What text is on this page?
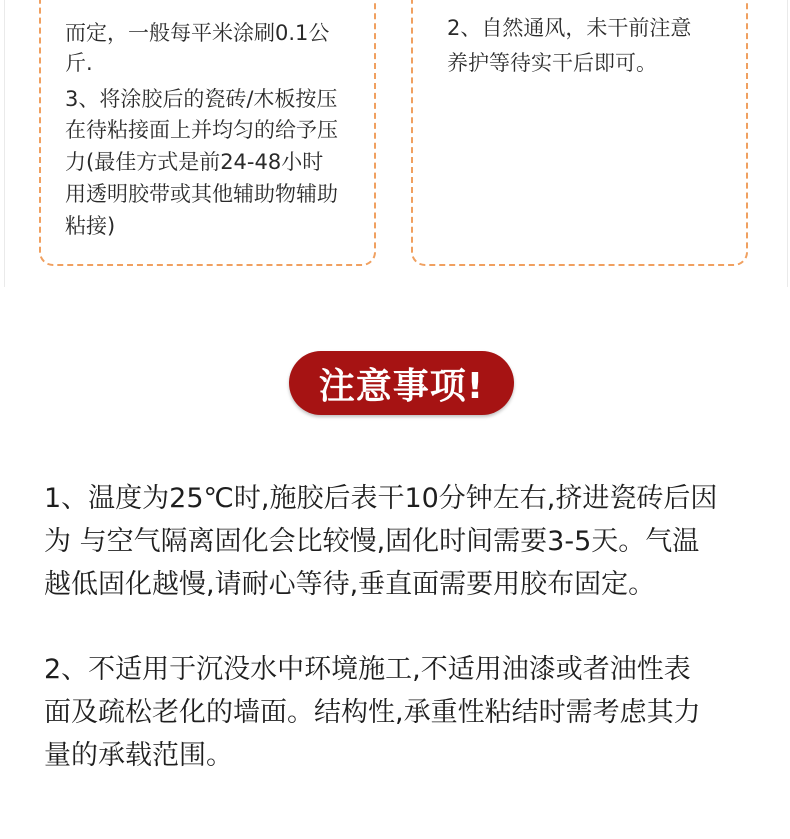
而定，一般每平米涂刷0.1公
斤.
3、将涂胶后的瓷砖/木板按压
在待粘接面上并均匀的给予压
力(最佳方式是前24-48小时
用透明胶带或其他辅助物辅助
粘接)
2、自然通风，未干前注意
养护等待实干后即可。
注意事项!
1、温度为25℃时,施胶后表干10分钟左右,挤进瓷砖后因
为 与空气隔离固化会比较慢,固化时间需要3-5天。气温
越低固化越慢,请耐心等待,垂直面需要用胶布固定。
2、不适用于沉没水中环境施工,不适用油漆或者油性表
面及疏松老化的墙面。结构性,承重性粘结时需考虑其力
量的承载范围。
